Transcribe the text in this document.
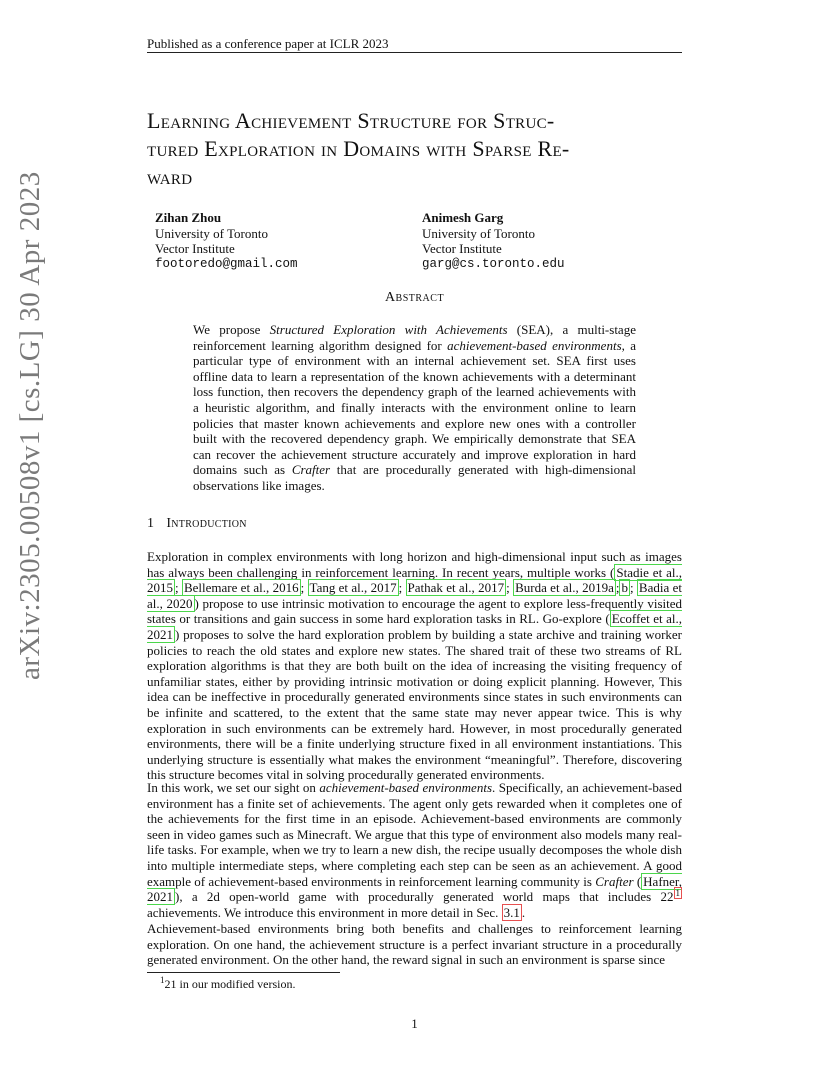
Published as a conference paper at ICLR 2023
arXiv:2305.00508v1 [cs.LG] 30 Apr 2023
Learning Achievement Structure for Struc-
tured Exploration in Domains with Sparse Re-
ward
Zihan Zhou
University of Toronto
Vector Institute
footoredo@gmail.com
Animesh Garg
University of Toronto
Vector Institute
garg@cs.toronto.edu
Abstract
We propose Structured Exploration with Achievements (SEA), a multi-stage reinforcement learning algorithm designed for achievement-based environments, a particular type of environment with an internal achievement set. SEA first uses offline data to learn a representation of the known achievements with a determinant loss function, then recovers the dependency graph of the learned achievements with a heuristic algorithm, and finally interacts with the environment online to learn policies that master known achievements and explore new ones with a controller built with the recovered dependency graph. We empirically demonstrate that SEA can recover the achievement structure accurately and improve exploration in hard domains such as Crafter that are procedurally generated with high-dimensional observations like images.
1 Introduction
Exploration in complex environments with long horizon and high-dimensional input such as images has always been challenging in reinforcement learning. In recent years, multiple works ( Stadie et al., 2015 ; Bellemare et al., 2016 ; Tang et al., 2017 ; Pathak et al., 2017 ; Burda et al., 2019a ; b ; Badia et al., 2020 ) propose to use intrinsic motivation to encourage the agent to explore less-frequently visited states or transitions and gain success in some hard exploration tasks in RL. Go-explore ( Ecoffet et al., 2021 ) proposes to solve the hard exploration problem by building a state archive and training worker policies to reach the old states and explore new states. The shared trait of these two streams of RL exploration algorithms is that they are both built on the idea of increasing the visiting frequency of unfamiliar states, either by providing intrinsic motivation or doing explicit planning. However, This idea can be ineffective in procedurally generated environments since states in such environments can be infinite and scattered, to the extent that the same state may never appear twice. This is why exploration in such environments can be extremely hard. However, in most procedurally generated environments, there will be a finite underlying structure fixed in all environment instantiations. This underlying structure is essentially what makes the environment “meaningful”. Therefore, discovering this structure becomes vital in solving procedurally generated environments.
In this work, we set our sight on achievement-based environments. Specifically, an achievement-based environment has a finite set of achievements. The agent only gets rewarded when it completes one of the achievements for the first time in an episode. Achievement-based environments are commonly seen in video games such as Minecraft. We argue that this type of environment also models many real-life tasks. For example, when we try to learn a new dish, the recipe usually decomposes the whole dish into multiple intermediate steps, where completing each step can be seen as an achievement. A good example of achievement-based environments in reinforcement learning community is Crafter ( Hafner, 2021 ), a 2d open-world game with procedurally generated world maps that includes 22 $^1$ achievements. We introduce this environment in more detail in Sec. 3.1 .
Achievement-based environments bring both benefits and challenges to reinforcement learning exploration. On one hand, the achievement structure is a perfect invariant structure in a procedurally generated environment. On the other hand, the reward signal in such an environment is sparse since
$^1$21 in our modified version.
1
